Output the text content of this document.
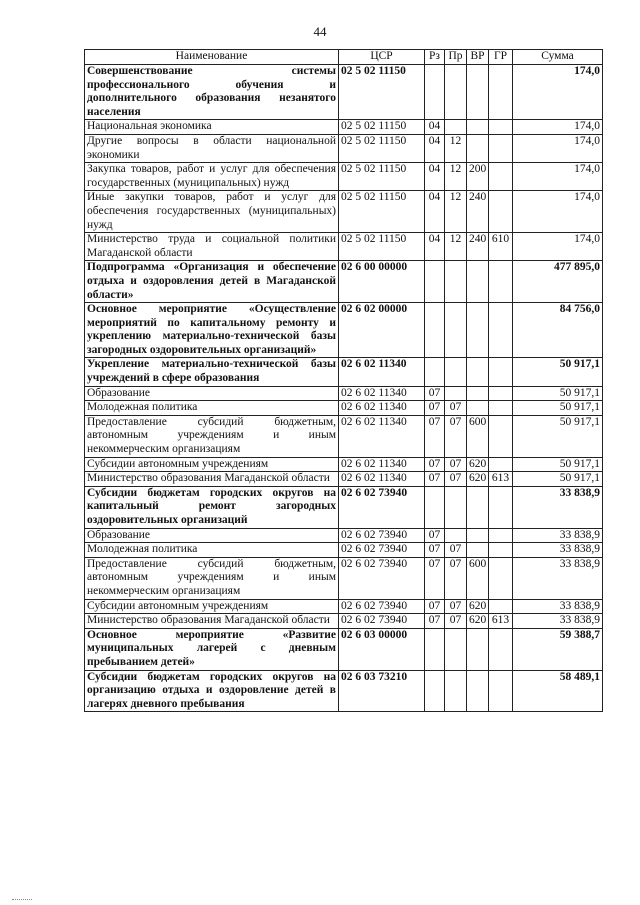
44
Наименование	ЦСР	Рз	Пр	ВР	ГР	Сумма
Совершенствование системы профессионального обучения и дополнительного образования незанятого населения	02 5 02 11150					174,0
Национальная экономика	02 5 02 11150	04				174,0
Другие вопросы в области национальной экономики	02 5 02 11150	04	12			174,0
Закупка товаров, работ и услуг для обеспечения государственных (муниципальных) нужд	02 5 02 11150	04	12	200		174,0
Иные закупки товаров, работ и услуг для обеспечения государственных (муниципальных) нужд	02 5 02 11150	04	12	240		174,0
Министерство труда и социальной политики Магаданской области	02 5 02 11150	04	12	240	610	174,0
Подпрограмма «Организация и обеспечение отдыха и оздоровления детей в Магаданской области»	02 6 00 00000					477 895,0
Основное мероприятие «Осуществление мероприятий по капитальному ремонту и укреплению материально-технической базы загородных оздоровительных организаций»	02 6 02 00000					84 756,0
Укрепление материально-технической базы учреждений в сфере образования	02 6 02 11340					50 917,1
Образование	02 6 02 11340	07				50 917,1
Молодежная политика	02 6 02 11340	07	07			50 917,1
Предоставление субсидий бюджетным, автономным учреждениям и иным некоммерческим организациям	02 6 02 11340	07	07	600		50 917,1
Субсидии автономным учреждениям	02 6 02 11340	07	07	620		50 917,1
Министерство образования Магаданской области	02 6 02 11340	07	07	620	613	50 917,1
Субсидии бюджетам городских округов на капитальный ремонт загородных оздоровительных организаций	02 6 02 73940					33 838,9
Образование	02 6 02 73940	07				33 838,9
Молодежная политика	02 6 02 73940	07	07			33 838,9
Предоставление субсидий бюджетным, автономным учреждениям и иным некоммерческим организациям	02 6 02 73940	07	07	600		33 838,9
Субсидии автономным учреждениям	02 6 02 73940	07	07	620		33 838,9
Министерство образования Магаданской области	02 6 02 73940	07	07	620	613	33 838,9
Основное мероприятие «Развитие муниципальных лагерей с дневным пребыванием детей»	02 6 03 00000					59 388,7
Субсидии бюджетам городских округов на организацию отдыха и оздоровление детей в лагерях дневного пребывания	02 6 03 73210					58 489,1
